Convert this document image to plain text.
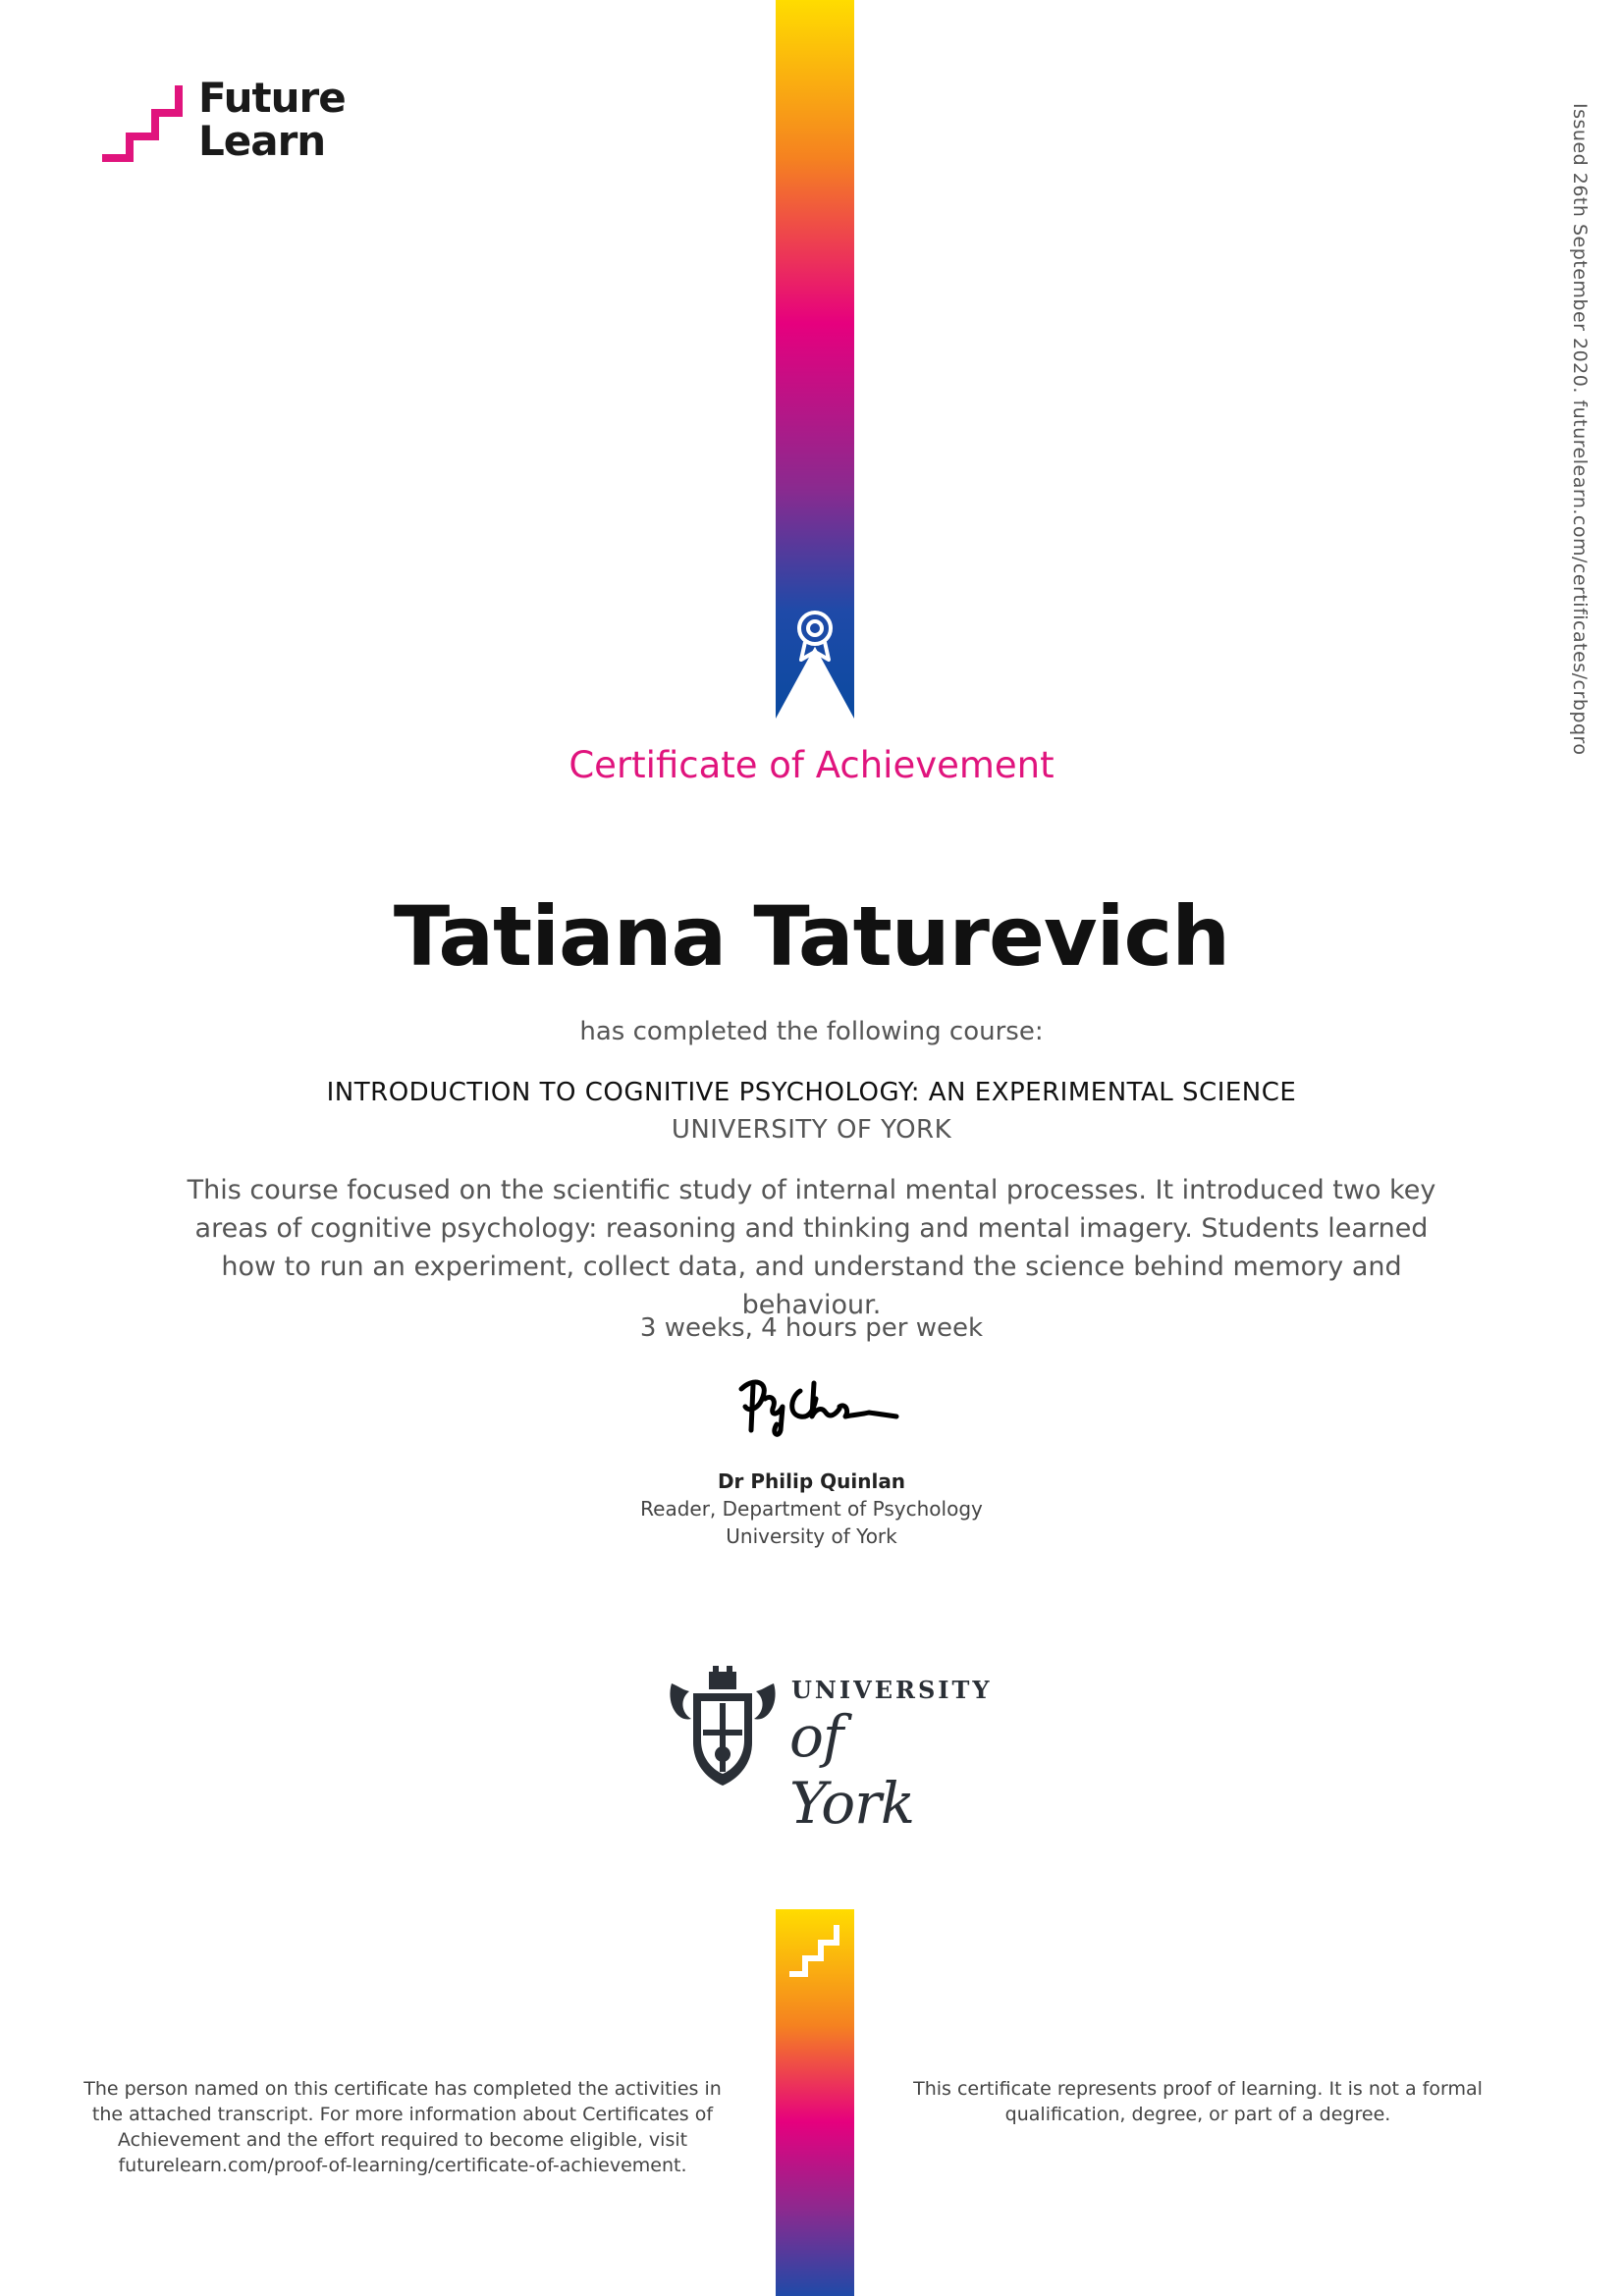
Future
Learn	Issued 26th September 2020. futurelearn.com/certificates/crbpqro
Certificate of Achievement
Tatiana Taturevich
has completed the following course:
INTRODUCTION TO COGNITIVE PSYCHOLOGY: AN EXPERIMENTAL SCIENCE
UNIVERSITY OF YORK
This course focused on the scientific study of internal mental processes. It introduced two key areas of cognitive psychology: reasoning and thinking and mental imagery. Students learned how to run an experiment, collect data, and understand the science behind memory and behaviour.
3 weeks, 4 hours per week
Dr Philip Quinlan
Reader, Department of Psychology
University of York
UNIVERSITY
of York
The person named on this certificate has completed the activities in the attached transcript. For more information about Certificates of Achievement and the effort required to become eligible, visit futurelearn.com/proof-of-learning/certificate-of-achievement.
This certificate represents proof of learning. It is not a formal qualification, degree, or part of a degree.
